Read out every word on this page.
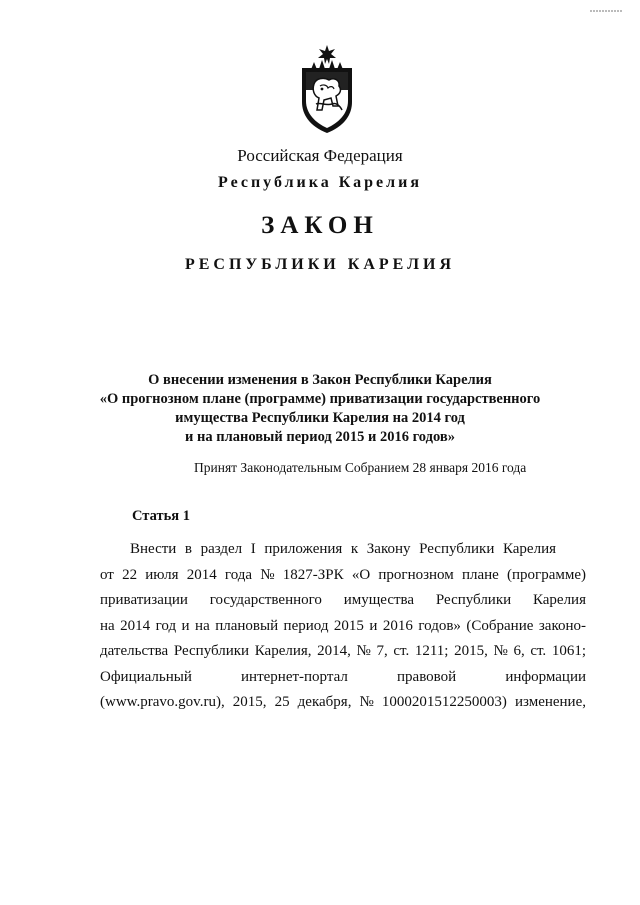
Российская Федерация
Республика Карелия
ЗАКОН
РЕСПУБЛИКИ КАРЕЛИЯ
О внесении изменения в Закон Республики Карелия
«О прогнозном плане (программе) приватизации государственного
имущества Республики Карелия на 2014 год
и на плановый период 2015 и 2016 годов»
Принят Законодательным Собранием 28 января 2016 года
Статья 1
Внести в раздел I приложения к Закону Республики Карелия
от 22 июля 2014 года № 1827-ЗРК «О прогнозном плане (программе)
приватизации государственного имущества Республики Карелия
на 2014 год и на плановый период 2015 и 2016 годов» (Собрание законо-
дательства Республики Карелия, 2014, № 7, ст. 1211; 2015, № 6, ст. 1061;
Официальный интернет-портал правовой информации
(www.pravo.gov.ru), 2015, 25 декабря, № 1000201512250003) изменение,
